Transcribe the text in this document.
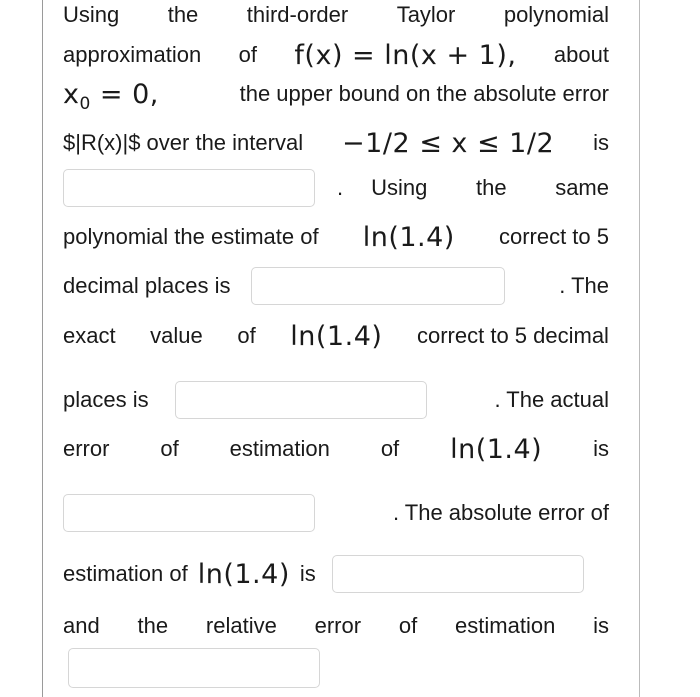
Using the third-order Taylor polynomial
approximation of f(x) = ln(x + 1), about
$x_0 = 0$,	the upper bound on the absolute error
$|R(x)|$ over the interval −1/2 ≤ x ≤ 1/2 is
. Using the same
polynomial the estimate of ln(1.4) correct to 5
decimal places is	. The
exact value of ln(1.4) correct to 5 decimal
places is	. The actual
error of estimation of ln(1.4) is
. The absolute error of
estimation of ln(1.4) is
and the relative error of estimation is
